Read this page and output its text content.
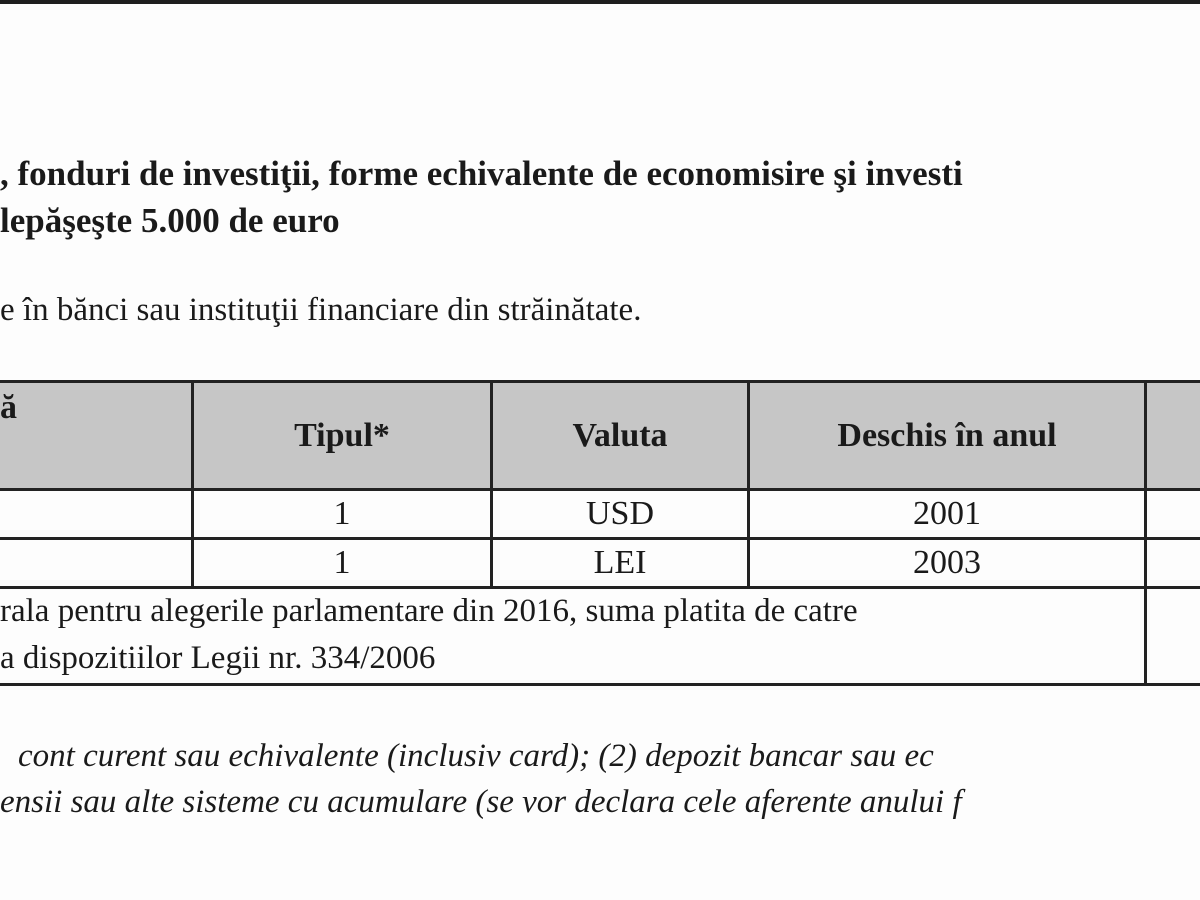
, fonduri de investiţii, forme echivalente de economisire şi investi
lepăşeşte 5.000 de euro
e în bănci sau instituţii financiare din străinătate.
ă
Tipul*	Valuta	Deschis în anul
1	USD	2001
1	LEI	2003
rala pentru alegerile parlamentare din 2016, suma platita de catre
a dispozitiilor Legii nr. 334/2006
cont curent sau echivalente (inclusiv card); (2) depozit bancar sau ec
ensii sau alte sisteme cu acumulare (se vor declara cele aferente anului f
